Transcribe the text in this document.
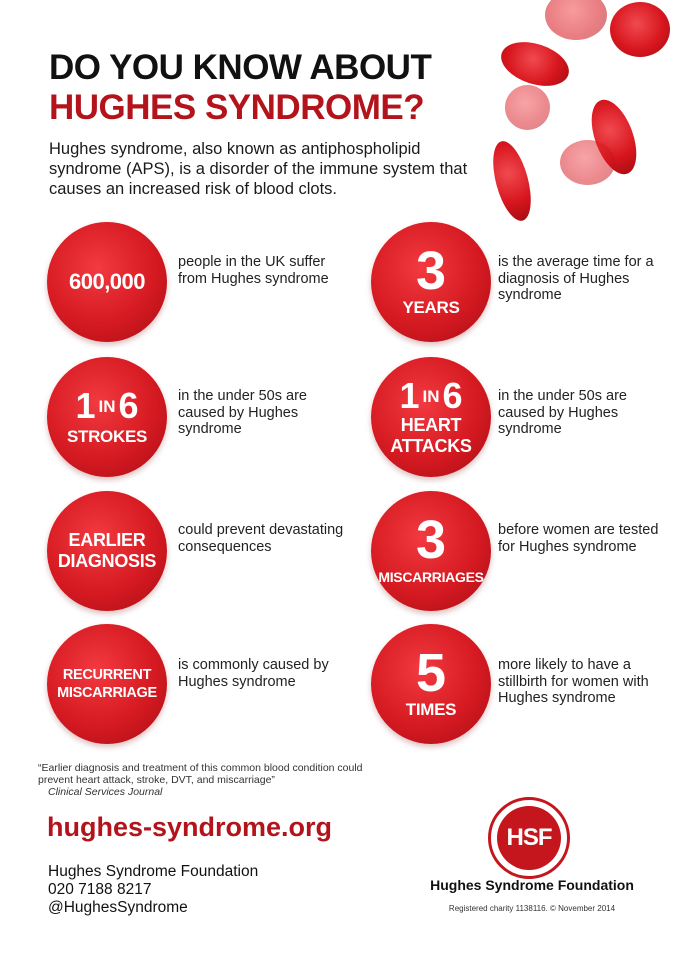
DO YOU KNOW ABOUT
HUGHES SYNDROME?
Hughes syndrome, also known as antiphospholipid syndrome (APS), is a disorder of the immune system that causes an increased risk of blood clots.
600,000
people in the UK suffer from Hughes syndrome	3
YEARS
is the average time for a diagnosis of Hughes syndrome
1 IN6
STROKES
in the under 50s are caused by Hughes syndrome
1 IN6
HEART
ATTACKS
in the under 50s are caused by Hughes syndrome
EARLIER
DIAGNOSIS
could prevent devastating consequences	3
MISCARRIAGES
before women are tested for Hughes syndrome
RECURRENT
MISCARRIAGE
is commonly caused by Hughes syndrome	5
TIMES
more likely to have a stillbirth for women with Hughes syndrome
“Earlier diagnosis and treatment of this common blood condition could prevent heart attack, stroke, DVT, and miscarriage”
Clinical Services Journal
hughes-syndrome.org
Hughes Syndrome Foundation
020 7188 8217
@HughesSyndrome
HSF
Hughes Syndrome Foundation
Registered charity 1138116. © November 2014
